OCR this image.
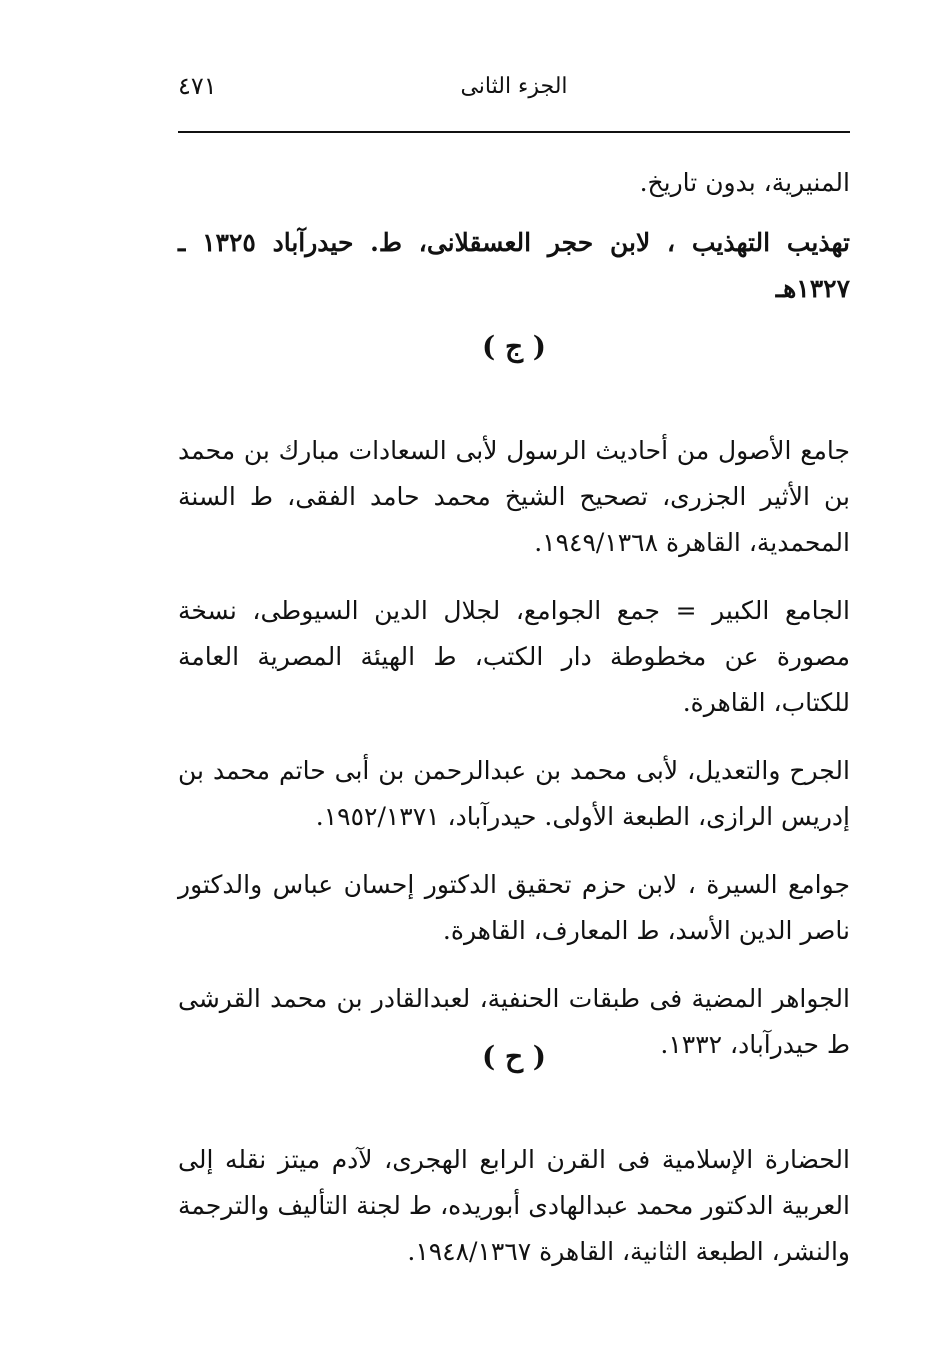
٤٧١	الجزء الثانى

المنيرية، بدون تاريخ.

تهذيب التهذيب ، لابن حجر العسقلانى، ط. حيدرآباد ١٣٢٥ ـ ١٣٢٧هـ

( ج )

جامع الأصول من أحاديث الرسول لأبى السعادات مبارك بن محمد بن الأثير الجزرى، تصحيح الشيخ محمد حامد الفقى، ط السنة المحمدية، القاهرة ١٩٤٩/١٣٦٨.

الجامع الكبير = جمع الجوامع، لجلال الدين السيوطى، نسخة مصورة عن مخطوطة دار الكتب، ط الهيئة المصرية العامة للكتاب، القاهرة.

الجرح والتعديل، لأبى محمد بن عبدالرحمن بن أبى حاتم محمد بن إدريس الرازى، الطبعة الأولى. حيدرآباد، ١٩٥٢/١٣٧١.

جوامع السيرة ، لابن حزم تحقيق الدكتور إحسان عباس والدكتور ناصر الدين الأسد، ط المعارف، القاهرة.

الجواهر المضية فى طبقات الحنفية، لعبدالقادر بن محمد القرشى ط حيدرآباد، ١٣٣٢.

( ح )

الحضارة الإسلامية فى القرن الرابع الهجرى، لآدم ميتز نقله إلى العربية الدكتور محمد عبدالهادى أبوريده، ط لجنة التأليف والترجمة والنشر، الطبعة الثانية، القاهرة ١٩٤٨/١٣٦٧.
